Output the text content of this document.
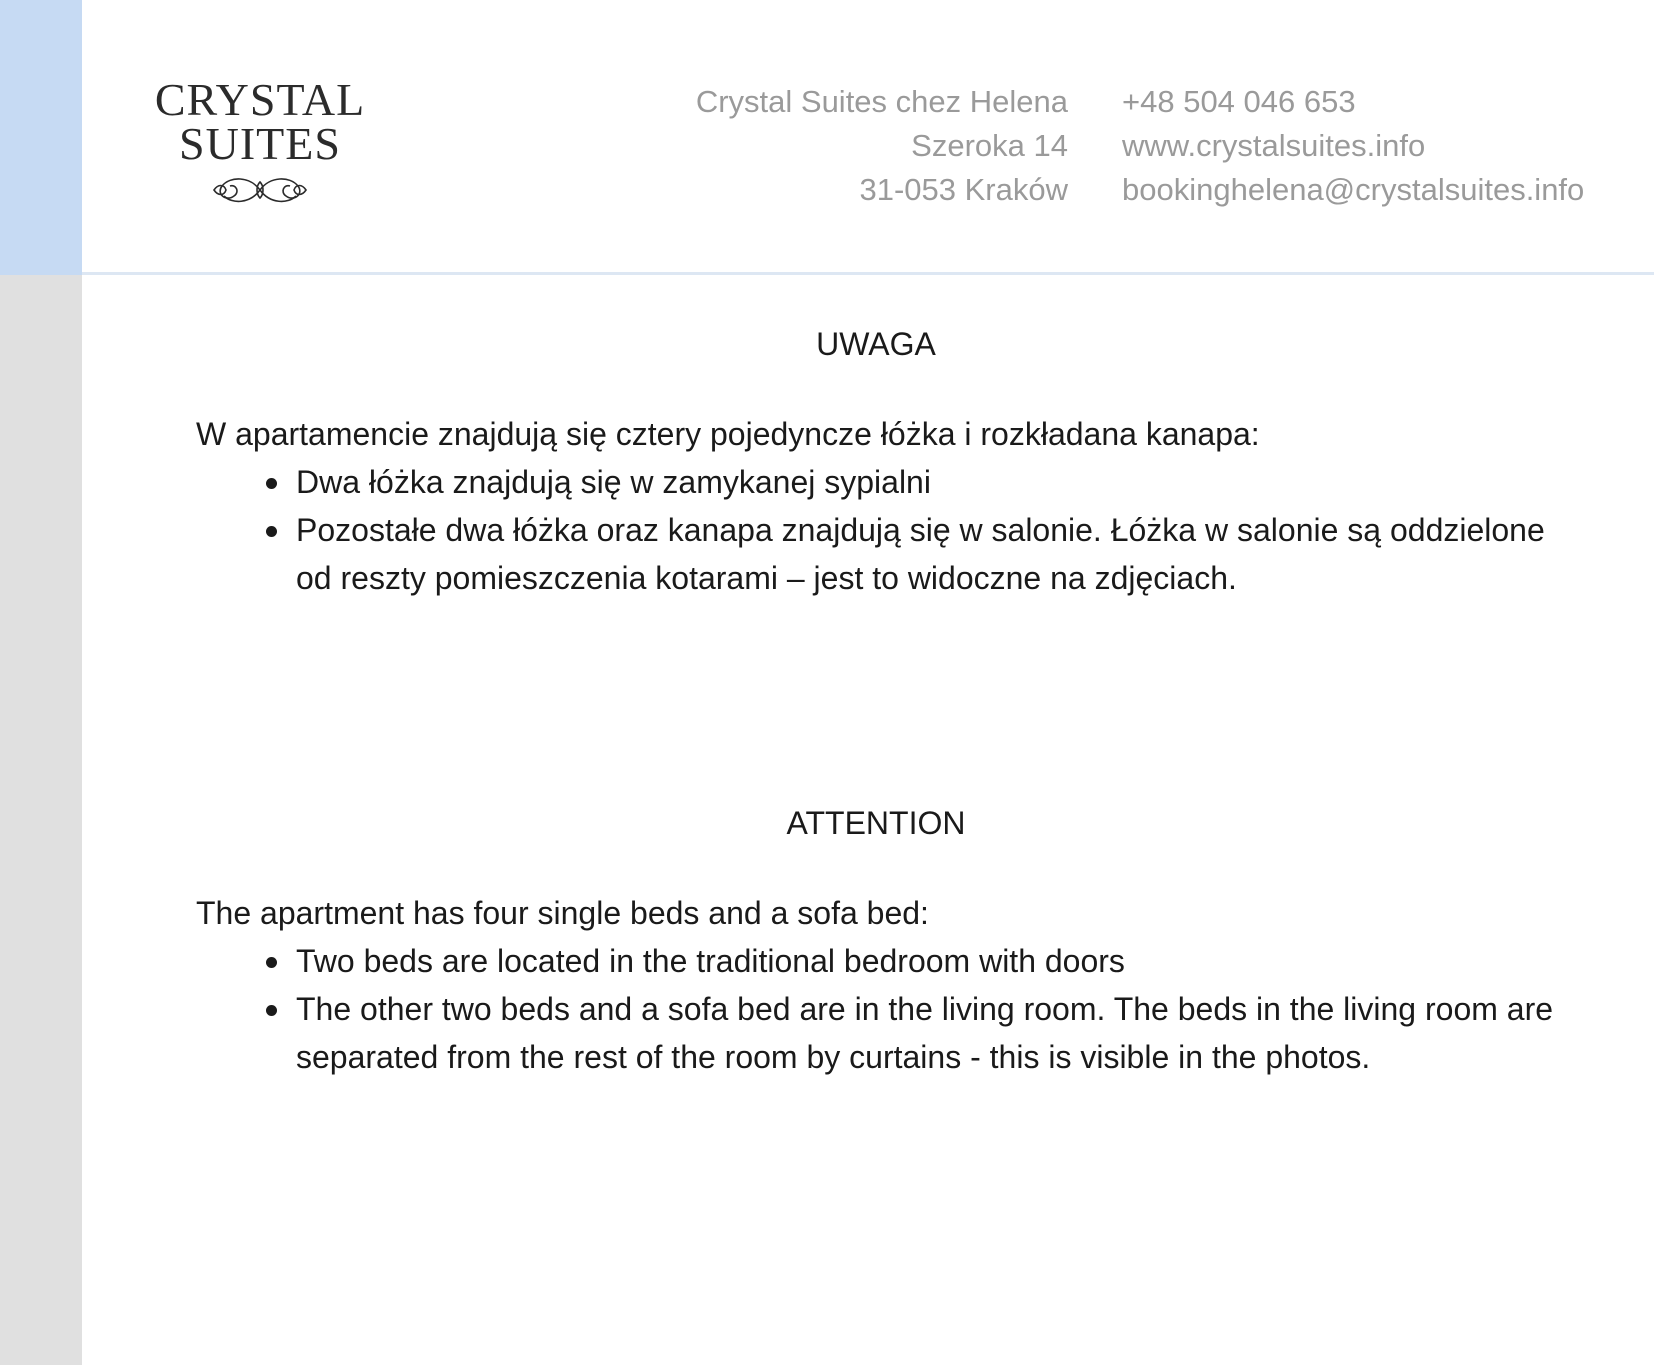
CRYSTAL
SUITES
Crystal Suites chez Helena
Szeroka 14
31-053 Kraków
+48 504 046 653
www.crystalsuites.info
bookinghelena@crystalsuites.info
UWAGA

W apartamencie znajdują się cztery pojedyncze łóżka i rozkładana kanapa:

Dwa łóżka znajdują się w zamykanej sypialni
Pozostałe dwa łóżka oraz kanapa znajdują się w salonie. Łóżka w salonie są oddzielone od reszty pomieszczenia kotarami – jest to widoczne na zdjęciach.
ATTENTION

The apartment has four single beds and a sofa bed:

Two beds are located in the traditional bedroom with doors
The other two beds and a sofa bed are in the living room. The beds in the living room are separated from the rest of the room by curtains - this is visible in the photos.
